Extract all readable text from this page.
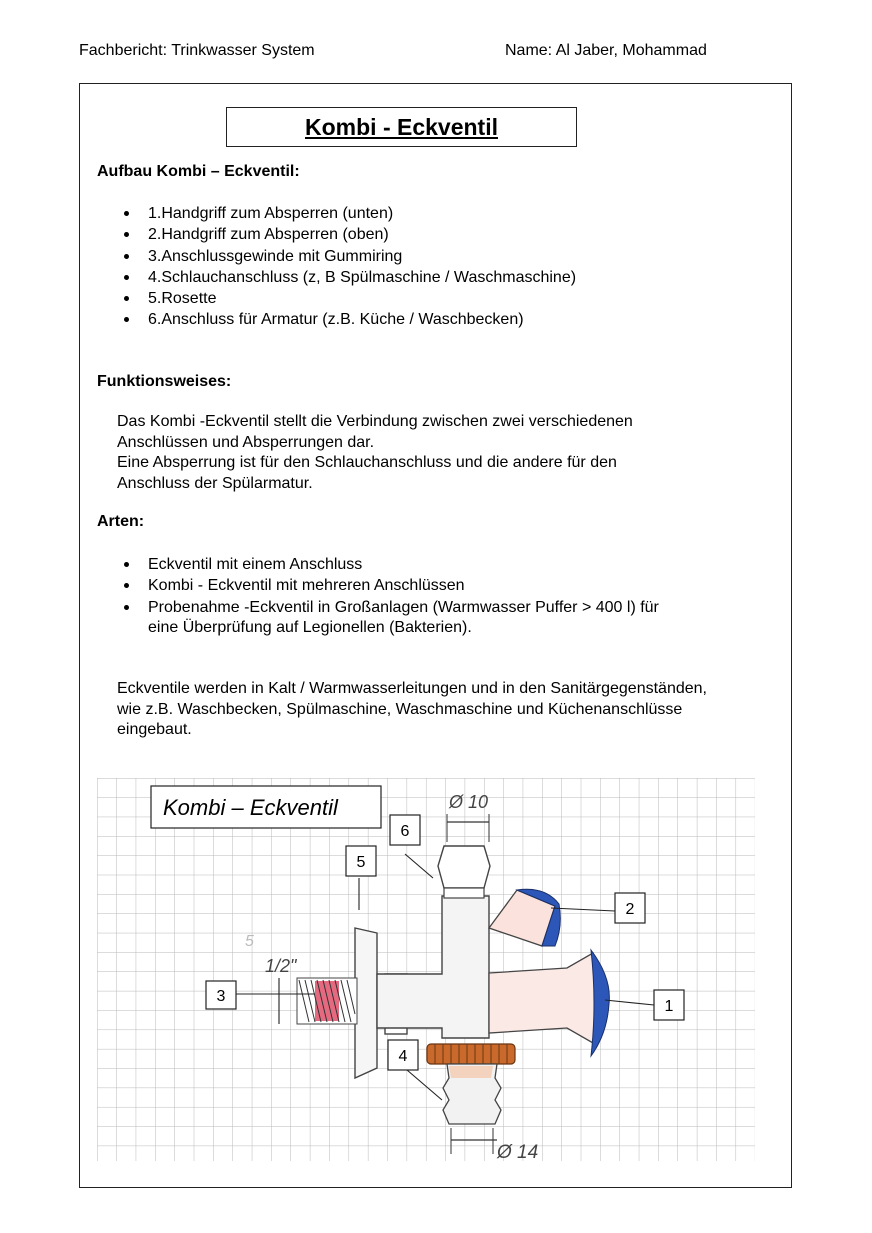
Fachbericht: Trinkwasser System	Name: Al Jaber, Mohammad
Kombi - Eckventil
Aufbau Kombi – Eckventil:
1.Handgriff zum Absperren (unten)
2.Handgriff zum Absperren (oben)
3.Anschlussgewinde mit Gummiring
4.Schlauchanschluss (z, B Spülmaschine / Waschmaschine)
5.Rosette
6.Anschluss für Armatur (z.B. Küche / Waschbecken)
Funktionsweises:
Das Kombi -Eckventil stellt die Verbindung zwischen zwei verschiedenen
Anschlüssen und Absperrungen dar.
Eine Absperrung ist für den Schlauchanschluss und die andere für den
Anschluss der Spülarmatur.
Arten:
Eckventil mit einem Anschluss
Kombi - Eckventil mit mehreren Anschlüssen
Probenahme -Eckventil in Großanlagen (Warmwasser Puffer > 400 l) für
eine Überprüfung auf Legionellen (Bakterien).
Eckventile werden in Kalt / Warmwasserleitungen und in den Sanitärgegenständen,
wie z.B. Waschbecken, Spülmaschine, Waschmaschine und Küchenanschlüsse
eingebaut.
Kombi – Eckventil	Ø 10
Ø 14
1/2"
5
1
2
3
4
5
6
